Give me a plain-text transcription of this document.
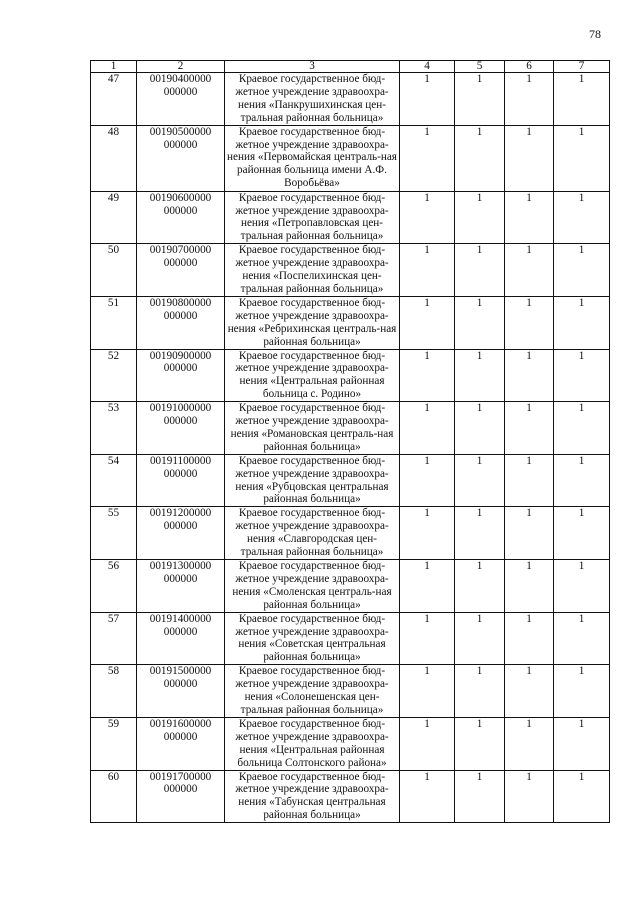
78
1	2	3	4	5	6	7
47	00190400000 000000	Краевое государственное бюд-жетное учреждение здравоохра-нения «Панкрушихинская цен-тральная районная больница»	1	1	1	1
48	00190500000 000000	Краевое государственное бюд-жетное учреждение здравоохра-нения «Первомайская централь-ная районная больница имени А.Ф. Воробьёва»	1	1	1	1
49	00190600000 000000	Краевое государственное бюд-жетное учреждение здравоохра-нения «Петропавловская цен-тральная районная больница»	1	1	1	1
50	00190700000 000000	Краевое государственное бюд-жетное учреждение здравоохра-нения «Поспелихинская цен-тральная районная больница»	1	1	1	1
51	00190800000 000000	Краевое государственное бюд-жетное учреждение здравоохра-нения «Ребрихинская централь-ная районная больница»	1	1	1	1
52	00190900000 000000	Краевое государственное бюд-жетное учреждение здравоохра-нения «Центральная районная больница с. Родино»	1	1	1	1
53	00191000000 000000	Краевое государственное бюд-жетное учреждение здравоохра-нения «Романовская централь-ная районная больница»	1	1	1	1
54	00191100000 000000	Краевое государственное бюд-жетное учреждение здравоохра-нения «Рубцовская центральная районная больница»	1	1	1	1
55	00191200000 000000	Краевое государственное бюд-жетное учреждение здравоохра-нения «Славгородская цен-тральная районная больница»	1	1	1	1
56	00191300000 000000	Краевое государственное бюд-жетное учреждение здравоохра-нения «Смоленская централь-ная районная больница»	1	1	1	1
57	00191400000 000000	Краевое государственное бюд-жетное учреждение здравоохра-нения «Советская центральная районная больница»	1	1	1	1
58	00191500000 000000	Краевое государственное бюд-жетное учреждение здравоохра-нения «Солонешенская цен-тральная районная больница»	1	1	1	1
59	00191600000 000000	Краевое государственное бюд-жетное учреждение здравоохра-нения «Центральная районная больница Солтонского района»	1	1	1	1
60	00191700000 000000	Краевое государственное бюд-жетное учреждение здравоохра-нения «Табунская центральная районная больница»	1	1	1	1
